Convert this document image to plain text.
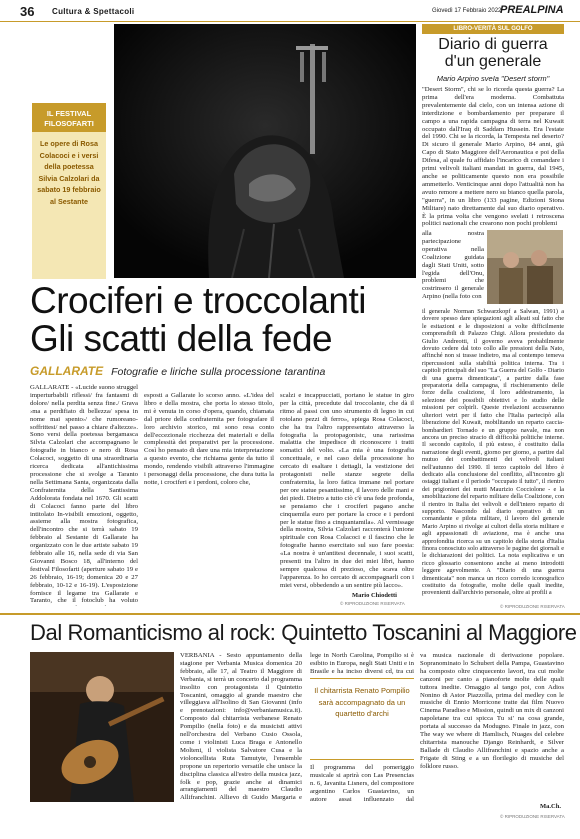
36 Cultura & Spettacoli	Giovedì 17 Febbraio 2022
PREALPINA
IL FESTIVAL FILOSOFARTI
Le opere di Rosa Colacoci e i versi della poetessa Silvia Calzolari da sabato 19 febbraio al Sestante
Crociferi e troccolanti
Gli scatti della fede
GALLARATE Fotografie e liriche sulla processione tarantina
GALLARATE - «Lucide suono struggel imperturbabili riflessi/ fra fantasmi di dolore/ nella perdita senza fine./ Grava ›ma a perdifiato di bellezza/ spesa in nome mai spento›/ che rumoreano- soffrittesi/ nel passo a chiare d'altezze». Sono versi della poetessa bergamasca Silvia Calzolari che accompagnano le fotografie in bianco e nero di Rosa Colacoci, soggetto di una straordinaria ricerca dedicata all'antichissima processione che si svolge a Taranto nella Settimana Santa, organizzata dalla Confraternita della Santissima Addolorata fondata nel 1670. Gli scatti di Colacoci fanno parte del libro intitolato In-visibili emozioni, oggetto, assieme alla mostra fotografica, dell'incontro che si terrà sabato 19 febbraio al Sestante di Gallarate ha organizzato con le due artiste sabato 19 febbraio alle 16, nella sede di via San Giovanni Bosco 18, all'interno del festival Filosofarti (aperture sabato 19 e 26 febbraio, 16-19; domenica 20 e 27 febbraio, 10-12 e 16-19). L'esposizione fornisce il legame tra Gallarate e Taranto, che il fotoclub ha voluto
esposti a Gallarate lo scorso anno. «L'idea del libro e della mostra, che porta lo stesso titolo, mi è venuta in corso d'opera, quando, chiamata dal priore della confraternita per fotografare il loro archivio storico, mi sono resa conto dell'eccezionale ricchezza dei materiali e della complessità dei preparativi per la processione. Così ho pensato di dare una mia interpretazione a questo evento, che richiama gente da tutto il mondo, rendendo visibili attraverso l'immagine i personaggi della processione, che dura tutta la notte, i crociferi e i perdoni, coloro che,
scalzi e incappucciati, portano le statue in giro per la città, precedute dal troccolante, che dà il ritmo al passi con uno strumento di legno in cui rotolano pezzi di ferro», spiega Rosa Colacoci, che ha tra l'altro rappresentato attraverso la fotografia la protopagonistc, una rarissima malattia che impedisce di riconoscere i tratti somatici del volto. «La mia è una fotografia concettuale, e nel caso della processione ho cercato di esaltare i dettagli, la vestizione dei protagonisti nelle stanze segrete della confraternita, la loro fatica immane nel portare per ore statue pesantissime, il lavoro delle mani e dei piedi. Dietro a tutto ciò c'è una fede profonda, se pensiamo che i crociferi pagano anche cinquemila euro per portare la croce e i perdoni per le statue fino a cinquantamila». Al vernissage della mostra, Silvia Calzolari racconterà l'unione spirituale con Rosa Colacoci e il fascino che le fotografie hanno esercitato sul suo fare poesia: «La nostra è un'antitesi decennale, i suoi scatti, presenti tra l'altro in due dei miei libri, hanno sempre qualcosa di prezioso, che scava oltre l'apparenza. Io ho cercato di accompagnarli con i miei versi, obbedendo a un sentire più lacco».
Mario Chiodetti
© RIPRODUZIONE RISERVATA
LIBRO-VERITÀ SUL GOLFO
Diario di guerra d'un generale
Mario Arpino sveIa "Desert storm"
"Desert Storm", chi se lo ricorda questa guerra? La prima dell'era moderna. Combattuta prevalentemente dal cielo, con un intensa azione di interdizione e bombardamento per preparare il campo a una rapida campagna di terra nel Kuwait occupato dall'Iraq di Saddam Hussein. Era l'estate del 1990. Chi se la ricorda, la Tempesta nel deserto? Di sicuro il generale Mario Arpino, 84 anni, già Capo di Stato Maggiore dell'Aeronautica e poi della Difesa, al quale fu affidato l'incarico di comandare i primi velivoli italiani mandati in guerra, dal 1945, anche se politicamente questo non era possibile ammetterlo. Venticinque anni dopo l'attualità non ha avuto remore a mettere nero su bianco quella parola, "guerra", in un libro (133 pagine, Edizioni Stona Militare) nato direttamente dal suo diario operativo. È la prima volta che vengono svelati i retroscena politici nazionali che crearono non pochi problemi
alla nostra partecipazione operativa nella Coalizione guidata dagli Stati Uniti, sotto l'egida dell'Onu, problemi che costrinsero il generale Arpino (nella foto con
il generale Norman Schwarzkopf a Salwan, 1991) a dovere spesso dare spiegazioni agli alleati sul fatto che le esitazioni e le disposizioni a volte difficilmente comprensibili di Palazzo Chigi. Allora presieduto da Giulio Andreotti, il governo aveva probabilmente dovuto cedere dal toto collo alle pressioni della Nato, affinché non si trasse indietro, ma al contempo temeva ripercussioni sulla stabilità politica interna. Tra i capitoli principali del suo "La Guerra del Golfo - Diario di una guerra dimenticata", a partire dalla fase preparatoria della campagna, il rischieramento delle forze della coalizione, il loro addestramento, la selezione dei possibili obiettivi e lo studio delle missioni per colpirli. Queste rivelazioni accuseranno ulteriori vetri per il fatto che l'Italia partecipò alla liberazione del Kuwait, mobilitando un reparto caccia-bombardieri Tornado e un gruppo navale, ma non ancora un preciso stracio di difficoltà politiche interne. Il secondo capitolo, il più esteso, è costituito dalla narrazione degli eventi, giorno per giorno, a partire dal mutuo dei combattimenti dei velivoli italiani nell'autunno del 1990. Il terzo capitolo del libro è dedicato alla conclusione del conflitto, all'incontro gli ostaggi italiani e il periodo "occupato il tutto", il rientro dei prigionieri dei mutti Maurizio Cocciolone - e la smobilitazione del reparto militare della Coalizione, con il rientro in Italia dei velivoli e dell'intero reparto di supporto. Nascondo dal diario operativo di un comandante e pilota militare, il lavoro del generale Mario Arpino si rivolge ai cultori della storia militare e agli appassionati di aviazione, ma è anche una approfondita ricerca su un capitolo della storia d'Italia finora conosciuto solo attraverso le pagine dei giornali e le dichiarazioni dei politici. La nota esplicativa e un ricco glossario consentono anche ai meno introdotti leggere agevolmente. A "Diario di una guerra dimenticata" non manca un ricco corredo iconografico costituito da fotografie, molte delle quali inedite, provenienti dall'archivio personale, oltre ai profili a
© RIPRODUZIONE RISERVATA
Dal Romanticismo al rock: Quintetto Toscanini al Maggiore
VERBANIA - Sesto appuntamento della stagione per Verbania Musica domenica 20 febbraio, alle 17, al Teatro il Maggiore di Verbania, si terrà un concerto dal programma insolito con protagonista il Quintetto Toscanini, omaggio al grande maestro che villeggiava all'Isolino di San Giovanni (info e prenotazioni: info@verbaniamusica.it). Composto dal chitarrista verbanese Renato Pompilio (nella foto) e da musicisti attivi nell'orchestra del Verbano Cusio Ossola, come i violinisti Luca Braga e Antonello Molteni, il violista Salvatore Cusa e la violoncellista Ruta Tamutyte, l'ensemble propone un repertorio versatile che unisce la disciplina classica all'estro della musica jazz, folk e pop, grazie anche ai dinamici arrangiamenti del maestro Claudio Allifranchini. Allievo di Guido Margaria e
lege in North Carolina, Pompilio si è esibito in Europa, negli Stati Uniti e in Brasile e ha inciso diversi cd, tra cui
Il chitarrista Renato Pompilio sarà accompagnato da un quartetto d'archi
Il programma del pomeriggio musicale si aprirà con Las Presencias n. 6, Javanita Lisners, del compositore argentino Carlos Guastavino, un autore assai influenzato dal
va musica nazionale di derivazione popolare. Sopranominato lo Schubert della Pampa, Guastavino ha composto oltre cinquecento lavori, tra cui molte canzoni per canto a pianoforte molte delle quali tuttora inedite. Omaggio al tango poi, con Adios Nonino di Astor Piazzolla, prima del medley con le musiche di Ennio Morricone tratte dai film Nuovo Cinema Paradiso e Mission, quindi un mix di canzoni napoletane tra cui spicca Tu si' na cosa grande, portata al successo da Modugno. Finale in jazz, con The way we where di Hamlisch, Nuages del celebre chitarrista manouche Django Reinhardt, e Silver Ballade di Claudio Allifranchini e spazio anche a Frigate di Sting e a un florilegio di musiche del folklore russo.
Ma.Ch.
© RIPRODUZIONE RISERVATA
